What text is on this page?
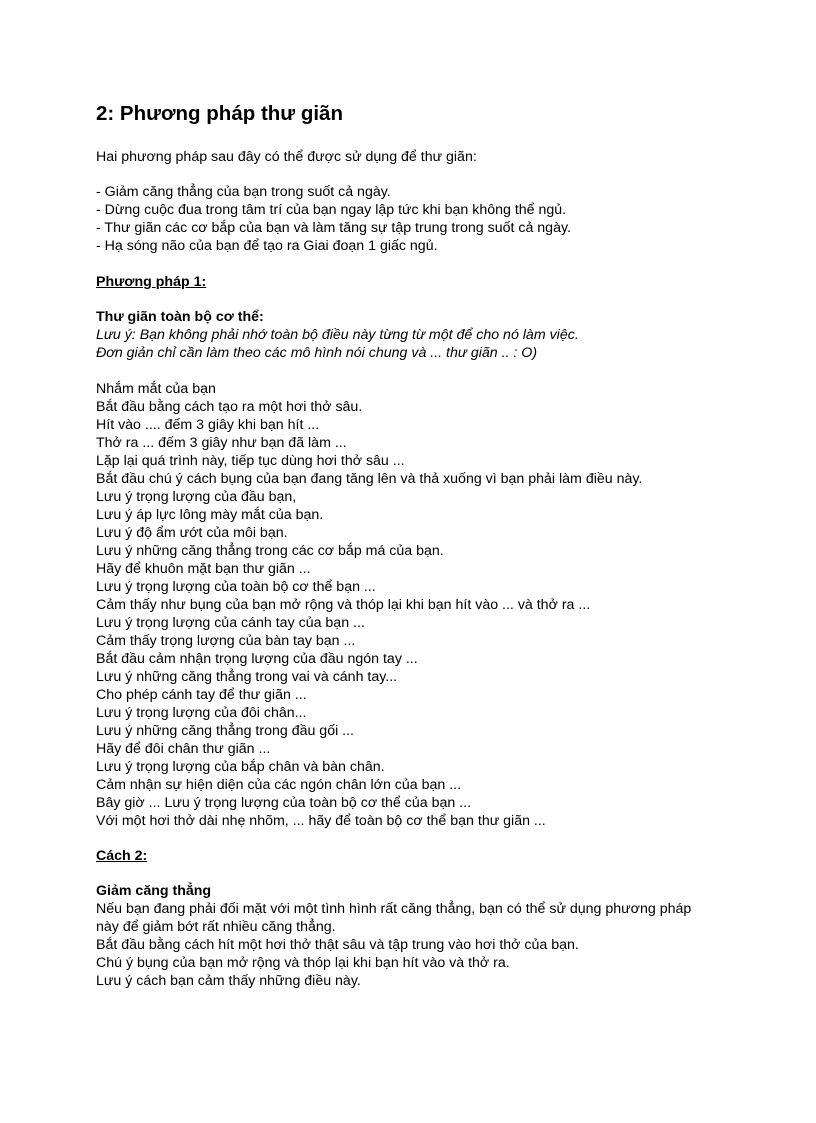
2: Phương pháp thư giãn
Hai phương pháp sau đây có thể được sử dụng để thư giãn:
- Giảm căng thẳng của bạn trong suốt cả ngày.
- Dừng cuộc đua trong tâm trí của bạn ngay lập tức khi bạn không thể ngủ.
- Thư giãn các cơ bắp của bạn và làm tăng sự tập trung trong suốt cả ngày.
- Hạ sóng não của bạn để tạo ra Giai đoạn 1 giấc ngủ.
Phương pháp 1:
Thư giãn toàn bộ cơ thể:
Lưu ý: Bạn không phải nhớ toàn bộ điều này từng từ một để cho nó làm việc.
Đơn giản chỉ cần làm theo các mô hình nói chung và ... thư giãn .. : O)
Nhắm mắt của bạn
Bắt đầu bằng cách tạo ra một hơi thở sâu.
Hít vào .... đếm 3 giây khi bạn hít ...
Thở ra ... đếm 3 giây như bạn đã làm ...
Lặp lại quá trình này, tiếp tục dùng hơi thở sâu ...
Bắt đầu chú ý cách bụng của bạn đang tăng lên và thả xuống vì bạn phải làm điều này.
Lưu ý trọng lượng của đầu bạn,
Lưu ý áp lực lông mày mắt của bạn.
Lưu ý độ ẩm ướt của môi bạn.
Lưu ý những căng thẳng trong các cơ bắp má của bạn.
Hãy để khuôn mặt bạn thư giãn ...
Lưu ý trọng lượng của toàn bộ cơ thể bạn ...
Cảm thấy như bụng của bạn mở rộng và thóp lại khi bạn hít vào ... và thở ra ...
Lưu ý trọng lượng của cánh tay của bạn ...
Cảm thấy trọng lượng của bàn tay bạn ...
Bắt đầu cảm nhận trọng lượng của đầu ngón tay ...
Lưu ý những căng thẳng trong vai và cánh tay...
Cho phép cánh tay để thư giãn ...
Lưu ý trọng lượng của đôi chân...
Lưu ý những căng thẳng trong đầu gối ...
Hãy để đôi chân thư giãn ...
Lưu ý trọng lượng của bắp chân và bàn chân.
Cảm nhận sự hiện diện của các ngón chân lớn của bạn ...
Bây giờ ... Lưu ý trọng lượng của toàn bộ cơ thể của bạn ...
Với một hơi thở dài nhẹ nhõm, ... hãy để toàn bộ cơ thể bạn thư giãn ...
Cách 2:
Giảm căng thẳng
Nếu bạn đang phải đối mặt với một tình hình rất căng thẳng, bạn có thể sử dụng phương pháp
này để giảm bớt rất nhiều căng thẳng.
Bắt đầu bằng cách hít một hơi thở thật sâu và tập trung vào hơi thở của bạn.
Chú ý bụng của bạn mở rộng và thóp lại khi bạn hít vào và thở ra.
Lưu ý cách bạn cảm thấy những điều này.
